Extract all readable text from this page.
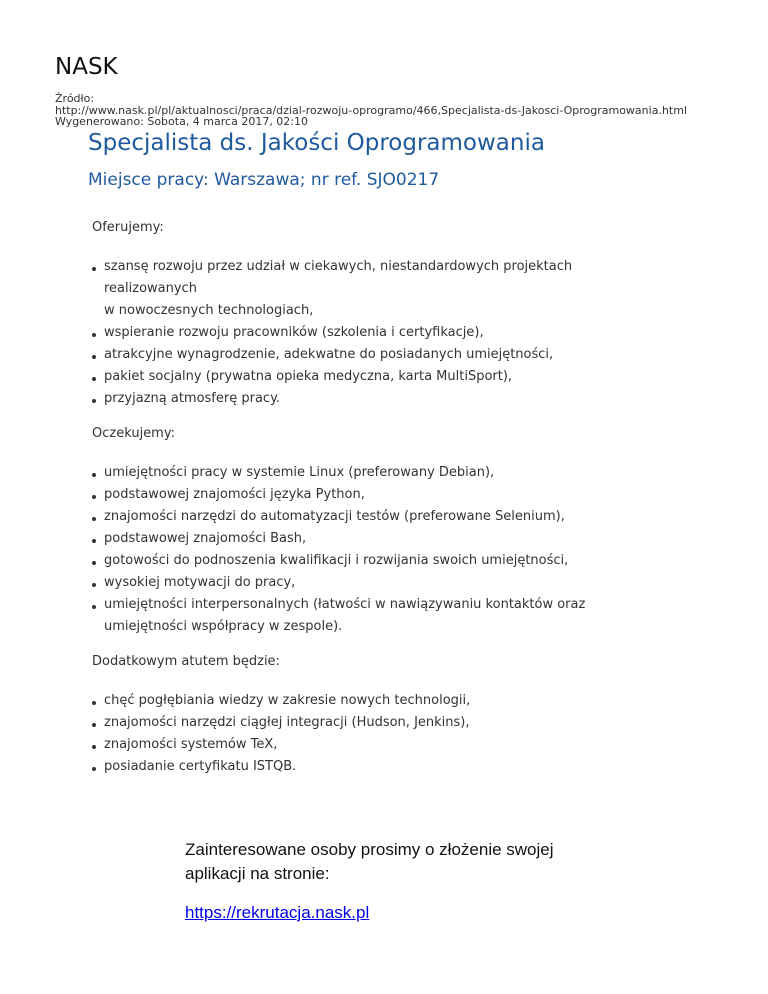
NASK
Źródło:
http://www.nask.pl/pl/aktualnosci/praca/dzial-rozwoju-oprogramo/466,Specjalista-ds-Jakosci-Oprogramowania.html
Wygenerowano: Sobota, 4 marca 2017, 02:10
Specjalista ds. Jakości Oprogramowania
Miejsce pracy: Warszawa; nr ref. SJO0217

Oferujemy:

szansę rozwoju przez udział w ciekawych, niestandardowych projektach
realizowanych
w nowoczesnych technologiach,
wspieranie rozwoju pracowników (szkolenia i certyfikacje),
atrakcyjne wynagrodzenie, adekwatne do posiadanych umiejętności,
pakiet socjalny (prywatna opieka medyczna, karta MultiSport),
przyjazną atmosferę pracy.

Oczekujemy:

umiejętności pracy w systemie Linux (preferowany Debian),
podstawowej znajomości języka Python,
znajomości narzędzi do automatyzacji testów (preferowane Selenium),
podstawowej znajomości Bash,
gotowości do podnoszenia kwalifikacji i rozwijania swoich umiejętności,
wysokiej motywacji do pracy,
umiejętności interpersonalnych (łatwości w nawiązywaniu kontaktów oraz
umiejętności współpracy w zespole).

Dodatkowym atutem będzie:

chęć pogłębiania wiedzy w zakresie nowych technologii,
znajomości narzędzi ciągłej integracji (Hudson, Jenkins),
znajomości systemów TeX,
posiadanie certyfikatu ISTQB.

Zainteresowane osoby prosimy o złożenie swojej

aplikacji na stronie:

https://rekrutacja.nask.pl
